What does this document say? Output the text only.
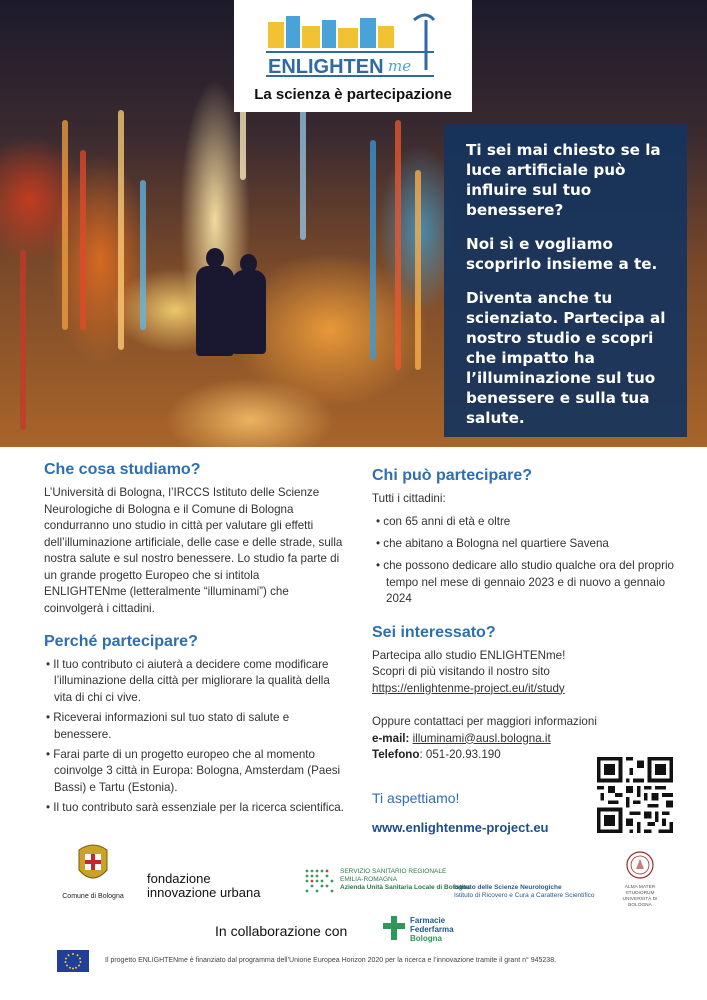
ENLIGHTEN me
La scienza è partecipazione

Ti sei mai chiesto se la luce artificiale può influire sul tuo benessere?

Noi sì e vogliamo scoprirlo insieme a te.

Diventa anche tu scienziato. Partecipa al nostro studio e scopri che impatto ha l’illuminazione sul tuo benessere e sulla tua salute.

Che cosa studiamo?
L’Università di Bologna, l’IRCCS Istituto delle Scienze Neurologiche di Bologna e il Comune di Bologna condurranno uno studio in città per valutare gli effetti dell’illuminazione artificiale, delle case e delle strade, sulla nostra salute e sul nostro benessere. Lo studio fa parte di un grande progetto Europeo che si intitola ENLIGHTENme (letteralmente “illuminami”) che coinvolgerà i cittadini.
Perché partecipare?
• Il tuo contributo ci aiuterà a decidere come modificare l’illuminazione della città per migliorare la qualità della vita di chi ci vive.
• Riceverai informazioni sul tuo stato di salute e benessere.
• Farai parte di un progetto europeo che al momento coinvolge 3 città in Europa: Bologna, Amsterdam (Paesi Bassi) e Tartu (Estonia).
• Il tuo contributo sarà essenziale per la ricerca scientifica.
Chi può partecipare?
Tutti i cittadini:
• con 65 anni di età e oltre
• che abitano a Bologna nel quartiere Savena
• che possono dedicare allo studio qualche ora del proprio tempo nel mese di gennaio 2023 e di nuovo a gennaio 2024
Sei interessato?
Partecipa allo studio ENLIGHTENme!
Scopri di più visitando il nostro sito
https://enlightenme-project.eu/it/study
Oppure contattaci per maggiori informazioni
e-mail: illuminami@ausl.bologna.it
Telefono: 051-20.93.190
Ti aspettiamo!
www.enlightenme-project.eu
Comune di Bologna
fondazione
innovazione urbana
SERVIZIO SANITARIO REGIONALE
EMILIA-ROMAGNA
Azienda Unità Sanitaria Locale di Bologna
Istituto delle Scienze Neurologiche
Istituto di Ricovero e Cura a Carattere Scientifico
ALMA MATER STUDIORUM
UNIVERSITÀ DI BOLOGNA
In collaborazione con
Farmacie
Federfarma
Bologna
Il progetto ENLIGHTENme è finanziato dal programma dell’Unione Europea Horizon 2020 per la ricerca e l’innovazione tramite il grant n° 945238.
